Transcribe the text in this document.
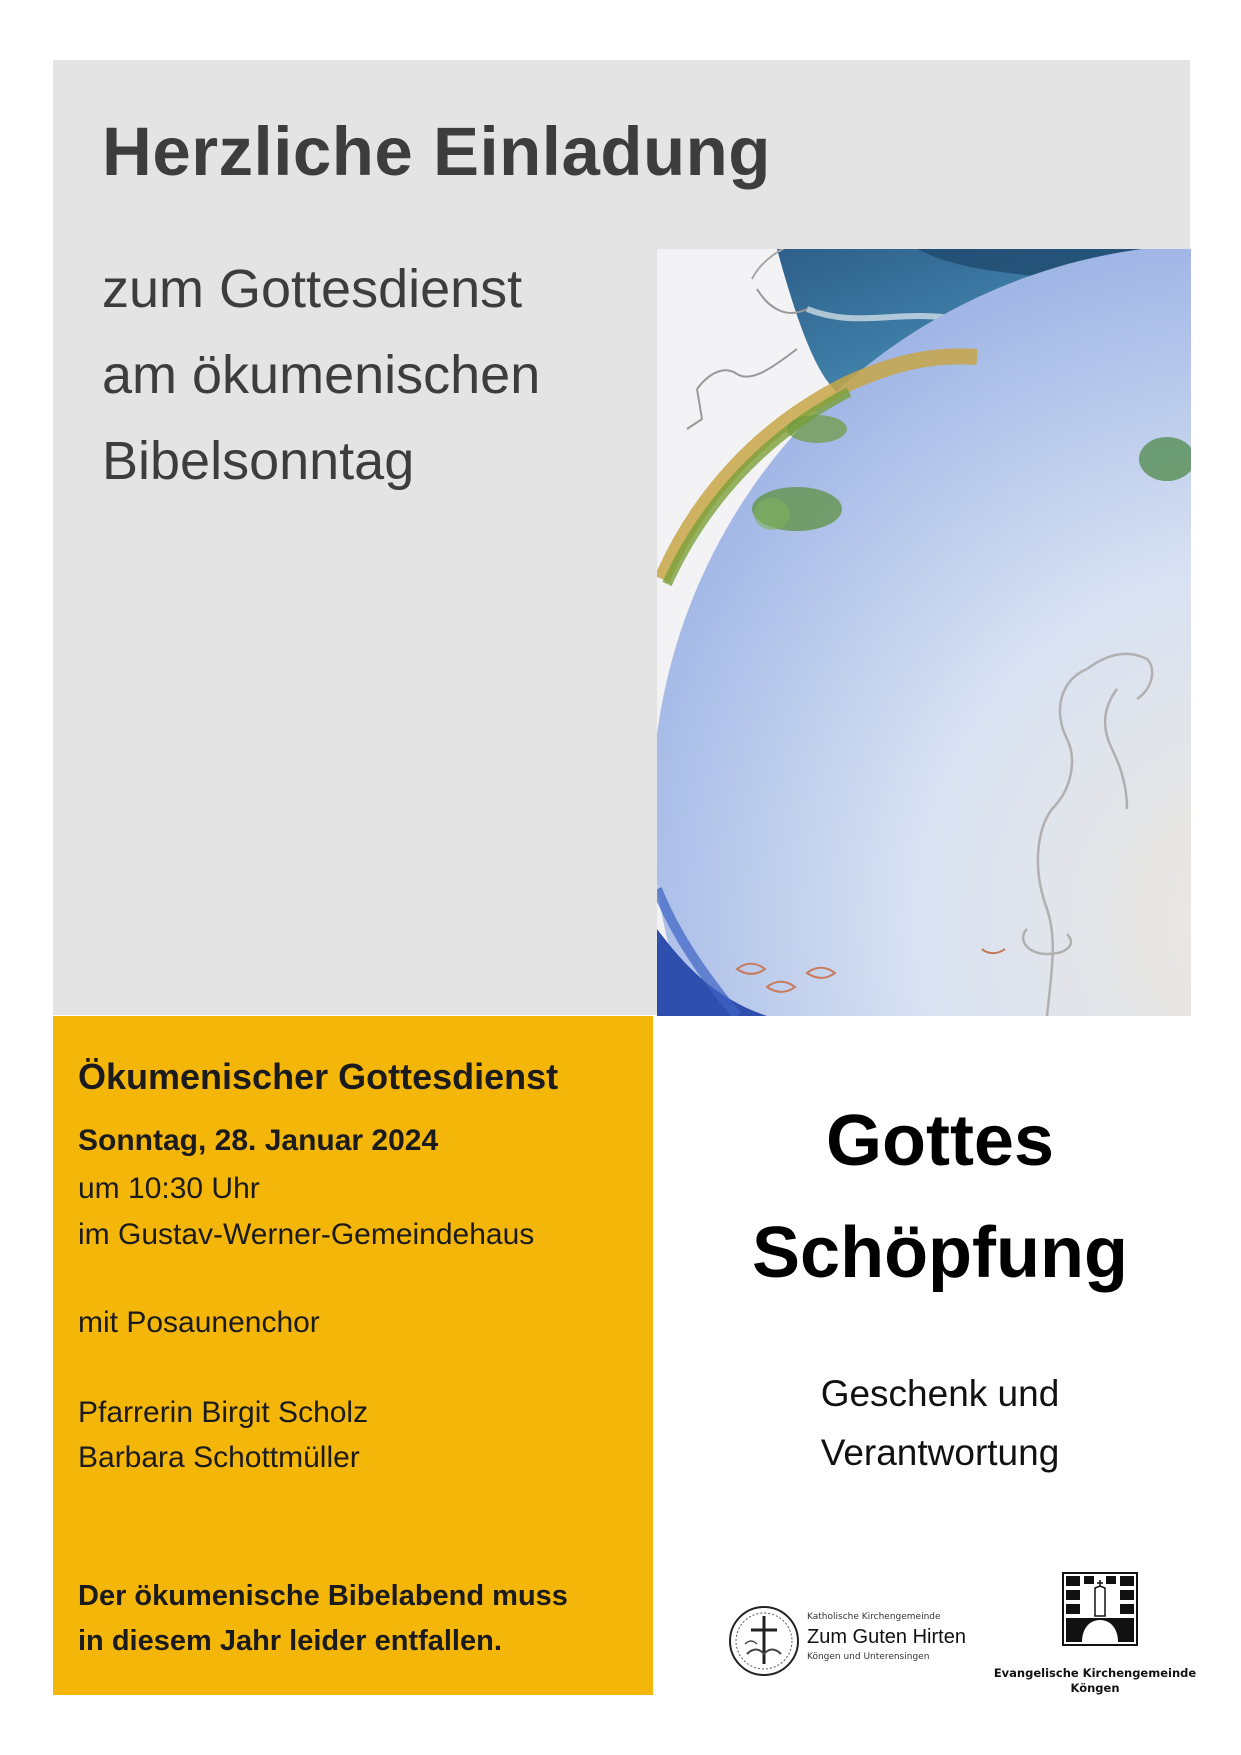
Herzliche Einladung

zum Gottesdienst
am ökumenischen
Bibelsonntag

Ökumenischer Gottesdienst

Sonntag, 28. Januar 2024

um 10:30 Uhr

im Gustav-Werner-Gemeindehaus

mit Posaunenchor

Pfarrerin Birgit Scholz

Barbara Schottmüller

Der ökumenische Bibelabend muss
in diesem Jahr leider entfallen.

Gottes
Schöpfung

Geschenk und
Verantwortung

Katholische Kirchengemeinde
Zum Guten Hirten
Köngen und Unterensingen

Evangelische Kirchengemeinde
Köngen
